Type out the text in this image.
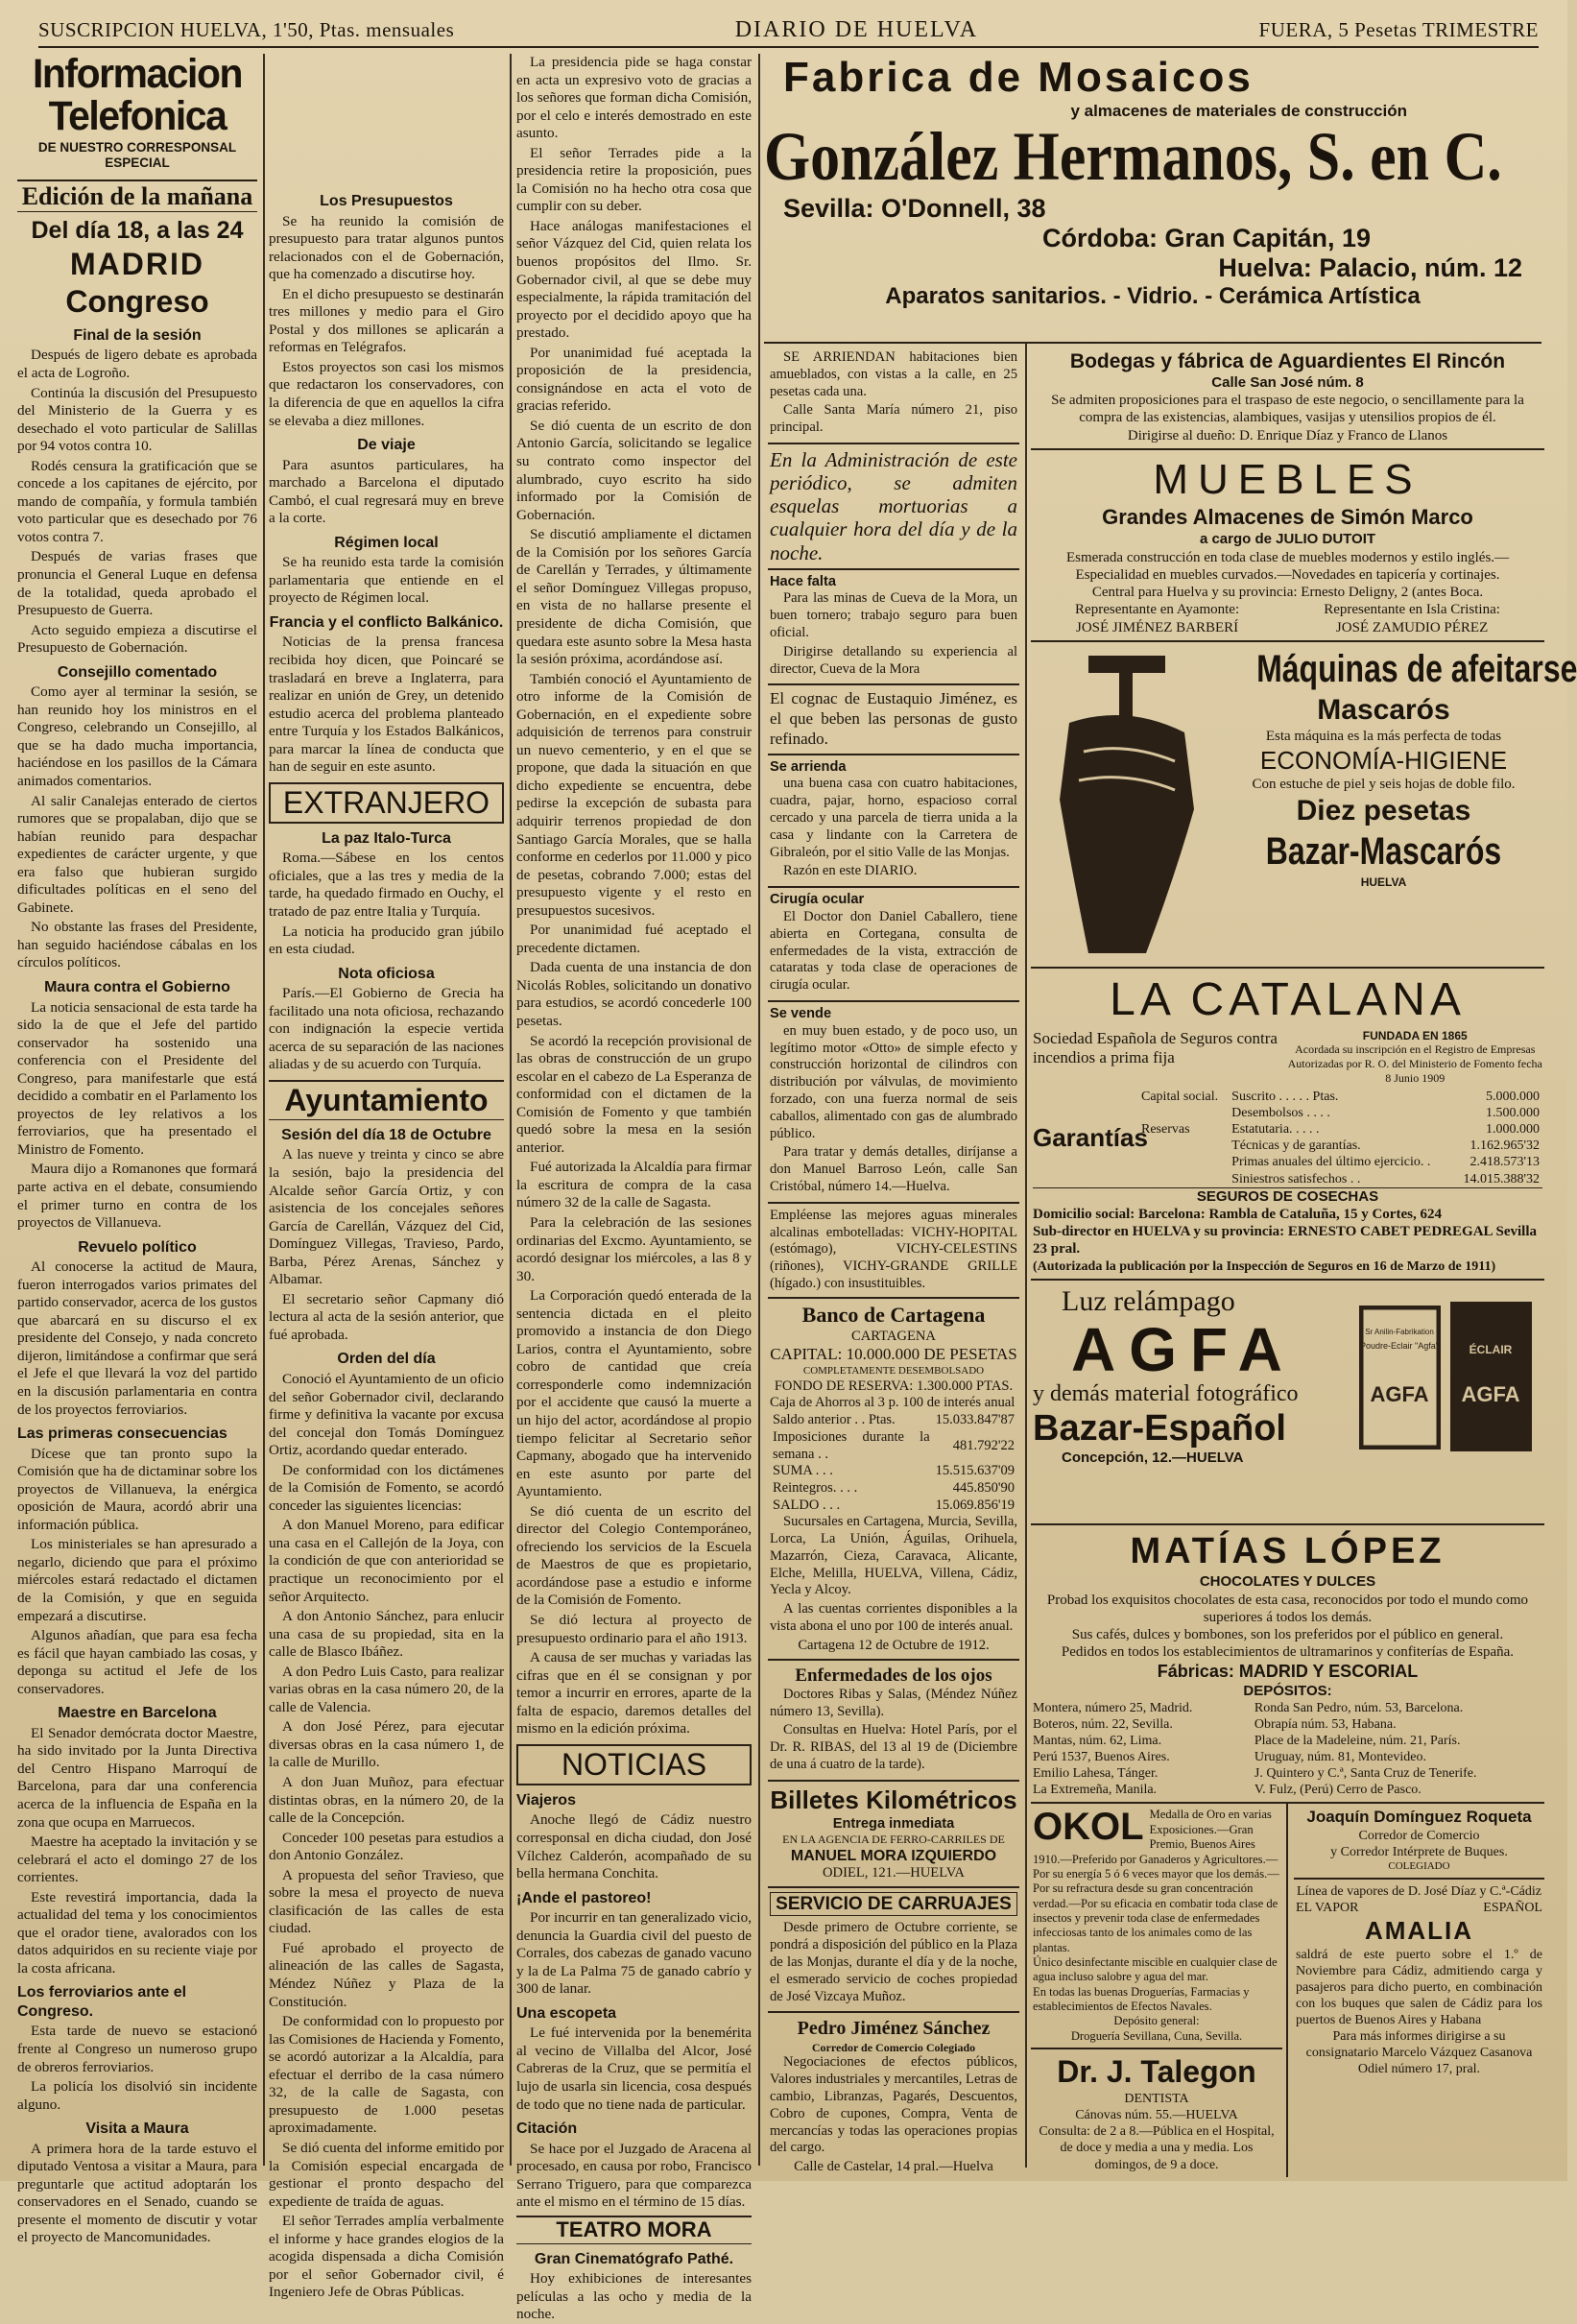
SUSCRIPCION HUELVA, 1'50, Ptas. mensuales	DIARIO DE HUELVA	FUERA, 5 Pesetas TRIMESTRE
Informacion Telefonica
DE NUESTRO CORRESPONSAL ESPECIAL
Edición de la mañana
Del día 18, a las 24
MADRID
Congreso
Final de la sesión

Después de ligero debate es aprobada el acta de Logroño.

Continúa la discusión del Presupuesto del Ministerio de la Guerra y es desechado el voto particular de Salillas por 94 votos contra 10.

Rodés censura la gratificación que se concede a los capitanes de ejército, por mando de compañía, y formula también voto particular que es desechado por 76 votos contra 7.

Después de varias frases que pronuncia el General Luque en defensa de la totalidad, queda aprobado el Presupuesto de Guerra.

Acto seguido empieza a discutirse el Presupuesto de Gobernación.

Consejillo comentado

Como ayer al terminar la sesión, se han reunido hoy los ministros en el Congreso, celebrando un Consejillo, al que se ha dado mucha importancia, haciéndose en los pasillos de la Cámara animados comentarios.

Al salir Canalejas enterado de ciertos rumores que se propalaban, dijo que se habían reunido para despachar expedientes de carácter urgente, y que era falso que hubieran surgido dificultades políticas en el seno del Gabinete.

No obstante las frases del Presidente, han seguido haciéndose cábalas en los círculos políticos.

Maura contra el Gobierno

La noticia sensacional de esta tarde ha sido la de que el Jefe del partido conservador ha sostenido una conferencia con el Presidente del Congreso, para manifestarle que está decidido a combatir en el Parlamento los proyectos de ley relativos a los ferroviarios, que ha presentado el Ministro de Fomento.

Maura dijo a Romanones que formará parte activa en el debate, consumiendo el primer turno en contra de los proyectos de Villanueva.

Revuelo político

Al conocerse la actitud de Maura, fueron interrogados varios primates del partido conservador, acerca de los gustos que abarcará en su discurso el ex presidente del Consejo, y nada concreto dijeron, limitándose a confirmar que será el Jefe el que llevará la voz del partido en la discusión parlamentaria en contra de los proyectos ferroviarios.

Las primeras consecuencias

Dícese que tan pronto supo la Comisión que ha de dictaminar sobre los proyectos de Villanueva, la enérgica oposición de Maura, acordó abrir una información pública.

Los ministeriales se han apresurado a negarlo, diciendo que para el próximo miércoles estará redactado el dictamen de la Comisión, y que en seguida empezará a discutirse.

Algunos añadían, que para esa fecha es fácil que hayan cambiado las cosas, y deponga su actitud el Jefe de los conservadores.

Maestre en Barcelona

El Senador demócrata doctor Maestre, ha sido invitado por la Junta Directiva del Centro Hispano Marroquí de Barcelona, para dar una conferencia acerca de la influencia de España en la zona que ocupa en Marruecos.

Maestre ha aceptado la invitación y se celebrará el acto el domingo 27 de los corrientes.

Este revestirá importancia, dada la actualidad del tema y los conocimientos que el orador tiene, avalorados con los datos adquiridos en su reciente viaje por la costa africana.

Los ferroviarios ante el Congreso.

Esta tarde de nuevo se estacionó frente al Congreso un numeroso grupo de obreros ferroviarios.

La policía los disolvió sin incidente alguno.

Visita a Maura

A primera hora de la tarde estuvo el diputado Ventosa a visitar a Maura, para preguntarle que actitud adoptarán los conservadores en el Senado, cuando se presente el momento de discutir y votar el proyecto de Mancomunidades.

Los Presupuestos

Se ha reunido la comisión de presupuesto para tratar algunos puntos relacionados con el de Gobernación, que ha comenzado a discutirse hoy.

En el dicho presupuesto se destinarán tres millones y medio para el Giro Postal y dos millones se aplicarán a reformas en Telégrafos.

Estos proyectos son casi los mismos que redactaron los conservadores, con la diferencia de que en aquellos la cifra se elevaba a diez millones.

De viaje

Para asuntos particulares, ha marchado a Barcelona el diputado Cambó, el cual regresará muy en breve a la corte.

Régimen local

Se ha reunido esta tarde la comisión parlamentaria que entiende en el proyecto de Régimen local.

Francia y el conflicto Balkánico.

Noticias de la prensa francesa recibida hoy dicen, que Poincaré se trasladará en breve a Inglaterra, para realizar en unión de Grey, un detenido estudio acerca del problema planteado entre Turquía y los Estados Balkánicos, para marcar la línea de conducta que han de seguir en este asunto.

EXTRANJERO
La paz Italo-Turca

Roma.—Sábese en los centos oficiales, que a las tres y media de la tarde, ha quedado firmado en Ouchy, el tratado de paz entre Italia y Turquía.

La noticia ha producido gran júbilo en esta ciudad.

Nota oficiosa

París.—El Gobierno de Grecia ha facilitado una nota oficiosa, rechazando con indignación la especie vertida acerca de su separación de las naciones aliadas y de su acuerdo con Turquía.

Ayuntamiento
Sesión del día 18 de Octubre

A las nueve y treinta y cinco se abre la sesión, bajo la presidencia del Alcalde señor García Ortiz, y con asistencia de los concejales señores García de Carellán, Vázquez del Cid, Domínguez Villegas, Travieso, Pardo, Barba, Pérez Arenas, Sánchez y Albamar.

El secretario señor Capmany dió lectura al acta de la sesión anterior, que fué aprobada.

Orden del día

Conoció el Ayuntamiento de un oficio del señor Gobernador civil, declarando firme y definitiva la vacante por excusa del concejal don Tomás Domínguez Ortiz, acordando quedar enterado.

De conformidad con los dictámenes de la Comisión de Fomento, se acordó conceder las siguientes licencias:

A don Manuel Moreno, para edificar una casa en el Callejón de la Joya, con la condición de que con anterioridad se practique un reconocimiento por el señor Arquitecto.

A don Antonio Sánchez, para enlucir una casa de su propiedad, sita en la calle de Blasco Ibáñez.

A don Pedro Luis Casto, para realizar varias obras en la casa número 20, de la calle de Valencia.

A don José Pérez, para ejecutar diversas obras en la casa número 1, de la calle de Murillo.

A don Juan Muñoz, para efectuar distintas obras, en la número 20, de la calle de la Concepción.

Conceder 100 pesetas para estudios a don Antonio González.

A propuesta del señor Travieso, que sobre la mesa el proyecto de nueva clasificación de las calles de esta ciudad.

Fué aprobado el proyecto de alineación de las calles de Sagasta, Méndez Núñez y Plaza de la Constitución.

De conformidad con lo propuesto por las Comisiones de Hacienda y Fomento, se acordó autorizar a la Alcaldía, para efectuar el derribo de la casa número 32, de la calle de Sagasta, con presupuesto de 1.000 pesetas aproximadamente.

Se dió cuenta del informe emitido por la Comisión especial encargada de gestionar el pronto despacho del expediente de traída de aguas.

El señor Terrades amplía verbalmente el informe y hace grandes elogios de la acogida dispensada a dicha Comisión por el señor Gobernador civil, é Ingeniero Jefe de Obras Públicas.

La presidencia pide se haga constar en acta un expresivo voto de gracias a los señores que forman dicha Comisión, por el celo e interés demostrado en este asunto.

El señor Terrades pide a la presidencia retire la proposición, pues la Comisión no ha hecho otra cosa que cumplir con su deber.

Hace análogas manifestaciones el señor Vázquez del Cid, quien relata los buenos propósitos del Ilmo. Sr. Gobernador civil, al que se debe muy especialmente, la rápida tramitación del proyecto por el decidido apoyo que ha prestado.

Por unanimidad fué aceptada la proposición de la presidencia, consignándose en acta el voto de gracias referido.

Se dió cuenta de un escrito de don Antonio García, solicitando se legalice su contrato como inspector del alumbrado, cuyo escrito ha sido informado por la Comisión de Gobernación.

Se discutió ampliamente el dictamen de la Comisión por los señores García de Carellán y Terrades, y últimamente el señor Domínguez Villegas propuso, en vista de no hallarse presente el presidente de dicha Comisión, que quedara este asunto sobre la Mesa hasta la sesión próxima, acordándose así.

También conoció el Ayuntamiento de otro informe de la Comisión de Gobernación, en el expediente sobre adquisición de terrenos para construir un nuevo cementerio, y en el que se propone, que dada la situación en que dicho expediente se encuentra, debe pedirse la excepción de subasta para adquirir terrenos propiedad de don Santiago García Morales, que se halla conforme en cederlos por 11.000 y pico de pesetas, cobrando 7.000; estas del presupuesto vigente y el resto en presupuestos sucesivos.

Por unanimidad fué aceptado el precedente dictamen.

Dada cuenta de una instancia de don Nicolás Robles, solicitando un donativo para estudios, se acordó concederle 100 pesetas.

Se acordó la recepción provisional de las obras de construcción de un grupo escolar en el cabezo de La Esperanza de conformidad con el dictamen de la Comisión de Fomento y que también quedó sobre la mesa en la sesión anterior.

Fué autorizada la Alcaldía para firmar la escritura de compra de la casa número 32 de la calle de Sagasta.

Para la celebración de las sesiones ordinarias del Excmo. Ayuntamiento, se acordó designar los miércoles, a las 8 y 30.

La Corporación quedó enterada de la sentencia dictada en el pleito promovido a instancia de don Diego Larios, contra el Ayuntamiento, sobre cobro de cantidad que creía corresponderle como indemnización por el accidente que causó la muerte a un hijo del actor, acordándose al propio tiempo felicitar al Secretario señor Capmany, abogado que ha intervenido en este asunto por parte del Ayuntamiento.

Se dió cuenta de un escrito del director del Colegio Contemporáneo, ofreciendo los servicios de la Escuela de Maestros de que es propietario, acordándose pase a estudio e informe de la Comisión de Fomento.

Se dió lectura al proyecto de presupuesto ordinario para el año 1913.

A causa de ser muchas y variadas las cifras que en él se consignan y por temor a incurrir en errores, aparte de la falta de espacio, daremos detalles del mismo en la edición próxima.

NOTICIAS
Viajeros

Anoche llegó de Cádiz nuestro corresponsal en dicha ciudad, don José Vílchez Calderón, acompañado de su bella hermana Conchita.

¡Ande el pastoreo!

Por incurrir en tan generalizado vicio, denuncia la Guardia civil del puesto de Corrales, dos cabezas de ganado vacuno y la de La Palma 75 de ganado cabrío y 300 de lanar.

Una escopeta

Le fué intervenida por la benemérita al vecino de Villalba del Alcor, José Cabreras de la Cruz, que se permitía el lujo de usarla sin licencia, cosa después de todo que no tiene nada de particular.

Citación

Se hace por el Juzgado de Aracena al procesado, en causa por robo, Francisco Serrano Triguero, para que comparezca ante el mismo en el término de 15 días.

TEATRO MORA
Gran Cinematógrafo Pathé.

Hoy exhibiciones de interesantes películas a las ocho y media de la noche.

Fabrica de Mosaicos
y almacenes de materiales de construcción
González Hermanos, S. en C.
Sevilla: O'Donnell, 38
Córdoba: Gran Capitán, 19
Huelva: Palacio, núm. 12
Aparatos sanitarios. - Vidrio. - Cerámica Artística

SE ARRIENDAN habitaciones bien amueblados, con vistas a la calle, en 25 pesetas cada una.

Calle Santa María número 21, piso principal.

En la Administración de este periódico, se admiten esquelas mortuorias a cualquier hora del día y de la noche.
Hace falta

Para las minas de Cueva de la Mora, un buen tornero; trabajo seguro para buen oficial.

Dirigirse detallando su experiencia al director, Cueva de la Mora

El cognac de Eustaquio Jiménez, es el que beben las personas de gusto refinado.
Se arrienda

una buena casa con cuatro habitaciones, cuadra, pajar, horno, espacioso corral cercado y una parcela de tierra unida a la casa y lindante con la Carretera de Gibraleón, por el sitio Valle de las Monjas.

Razón en este DIARIO.

Cirugía ocular

El Doctor don Daniel Caballero, tiene abierta en Cortegana, consulta de enfermedades de la vista, extracción de cataratas y toda clase de operaciones de cirugía ocular.

Se vende

en muy buen estado, y de poco uso, un legítimo motor «Otto» de simple efecto y construcción horizontal de cilindros con distribución por válvulas, de movimiento forzado, con una fuerza normal de seis caballos, alimentado con gas de alumbrado público.

Para tratar y demás detalles, diríjanse a don Manuel Barroso León, calle San Cristóbal, número 14.—Huelva.

Empléense las mejores aguas minerales alcalinas embotelladas: VICHY-HOPITAL (estómago), VICHY-CELESTINS (riñones), VICHY-GRANDE GRILLE (hígado.) con insustituibles.
Banco de Cartagena
CARTAGENA
CAPITAL: 10.000.000 DE PESETAS
COMPLETAMENTE DESEMBOLSADO
FONDO DE RESERVA: 1.300.000 PTAS.
Caja de Ahorros al 3 p. 100 de interés anual
Saldo anterior . . Ptas.	15.033.847'87
Imposiciones durante la semana . .	481.792'22
SUMA . . .	15.515.637'09
Reintegros. . . .	445.850'90
SALDO . . .	15.069.856'19

Sucursales en Cartagena, Murcia, Sevilla, Lorca, La Unión, Águilas, Orihuela, Mazarrón, Cieza, Caravaca, Alicante, Elche, Melilla, HUELVA, Villena, Cádiz, Yecla y Alcoy.

A las cuentas corrientes disponibles a la vista abona el uno por 100 de interés anual.

Cartagena 12 de Octubre de 1912.
Enfermedades de los ojos

Doctores Ribas y Salas, (Méndez Núñez número 13, Sevilla).

Consultas en Huelva: Hotel París, por el Dr. R. RIBAS, del 13 al 19 de (Diciembre de una á cuatro de la tarde).

Billetes Kilométricos
Entrega inmediata
EN LA AGENCIA DE FERRO-CARRILES DE
MANUEL MORA IZQUIERDO
ODIEL, 121.—HUELVA
SERVICIO DE CARRUAJES

Desde primero de Octubre corriente, se pondrá a disposición del público en la Plaza de las Monjas, durante el día y de la noche, el esmerado servicio de coches propiedad de José Vizcaya Muñoz.

Pedro Jiménez Sánchez
Corredor de Comercio Colegiado

Negociaciones de efectos públicos, Valores industriales y mercantiles, Letras de cambio, Libranzas, Pagarés, Descuentos, Cobro de cupones, Compra, Venta de mercancías y todas las operaciones propias del cargo.

Calle de Castelar, 14 pral.—Huelva
Bodegas y fábrica de Aguardientes El Rincón
Calle San José núm. 8
Se admiten proposiciones para el traspaso de este negocio, o sencillamente para la compra de las existencias, alambiques, vasijas y utensilios propios de él.
Dirigirse al dueño: D. Enrique Díaz y Franco de Llanos
MUEBLES
Grandes Almacenes de Simón Marco
a cargo de JULIO DUTOIT
Esmerada construcción en toda clase de muebles modernos y estilo inglés.—Especialidad en muebles curvados.—Novedades en tapicería y cortinajes.
Central para Huelva y su provincia: Ernesto Deligny, 2 (antes Boca.
Representante en Ayamonte:
JOSÉ JIMÉNEZ BARBERÍ
Representante en Isla Cristina:
JOSÉ ZAMUDIO PÉREZ
Máquinas de afeitarse
Mascarós
Esta máquina es la más perfecta de todas
ECONOMÍA-HIGIENE
Con estuche de piel y seis hojas de doble filo.
Diez pesetas
Bazar-Mascarós
HUELVA
LA CATALANA
Sociedad Española de Seguros contra incendios a prima fija
FUNDADA EN 1865
Acordada su inscripción en el Registro de Empresas Autorizadas por R. O. del Ministerio de Fomento fecha 8 Junio 1909
Garantías
Capital social.	Suscrito . . . . . Ptas.	5.000.000
	Desembolsos . . . .	1.500.000
Reservas	Estatutaria. . . . .	1.000.000
	Técnicas y de garantías.	1.162.965'32
	Primas anuales del último ejercicio. .	2.418.573'13
	Siniestros satisfechos . .	14.015.388'32
SEGUROS DE COSECHAS
Domicilio social: Barcelona: Rambla de Cataluña, 15 y Cortes, 624
Sub-director en HUELVA y su provincia: ERNESTO CABET PEDREGAL Sevilla 23 pral.
(Autorizada la publicación por la Inspección de Seguros en 16 de Marzo de 1911)
Luz relámpago
AGFA
y demás material fotográfico
Bazar-Español
Concepción, 12.—HUELVA
Sr Anilin-Fabrikation
Poudre-Eclair "Agfa"
AGFA
ÉCLAIR
AGFA
MATÍAS LÓPEZ
CHOCOLATES Y DULCES
Probad los exquisitos chocolates de esta casa, reconocidos por todo el mundo como superiores á todos los demás.
Sus cafés, dulces y bombones, son los preferidos por el público en general.
Pedidos en todos los establecimientos de ultramarinos y confiterías de España.
Fábricas: MADRID Y ESCORIAL
DEPÓSITOS:
Montera, número 25, Madrid.
Boteros, núm. 22, Sevilla.
Mantas, núm. 62, Lima.
Perú 1537, Buenos Aires.
Emilio Lahesa, Tánger.
La Extremeña, Manila.
Ronda San Pedro, núm. 53, Barcelona.
Obrapía núm. 53, Habana.
Place de la Madeleine, núm. 21, París.
Uruguay, núm. 81, Montevideo.
J. Quintero y C.ª, Santa Cruz de Tenerife.
V. Fulz, (Perú) Cerro de Pasco.
OKOL Medalla de Oro en varias Exposiciones.—Gran Premio, Buenos Aires 1910.—Preferido por Ganaderos y Agricultores.—Por su energía 5 ó 6 veces mayor que los demás.—Por su refractura desde su gran concentración verdad.—Por su eficacia en combatir toda clase de insectos y prevenir toda clase de enfermedades infecciosas tanto de los animales como de las plantas.
Único desinfectante miscible en cualquier clase de agua incluso salobre y agua del mar.
En todas las buenas Droguerías, Farmacias y establecimientos de Efectos Navales.
Depósito general:
Droguería Sevillana, Cuna, Sevilla.
Dr. J. Talegon
DENTISTA
Cánovas núm. 55.—HUELVA
Consulta: de 2 a 8.—Pública en el Hospital, de doce y media a una y media. Los domingos, de 9 a doce.
Joaquín Domínguez Roqueta
Corredor de Comercio
y Corredor Intérprete de Buques.
COLEGIADO
Línea de vapores de D. José Díaz y C.ª-Cádiz
EL VAPOR	ESPAÑOL
AMALIA
saldrá de este puerto sobre el 1.º de Noviembre para Cádiz, admitiendo carga y pasajeros para dicho puerto, en combinación con los buques que salen de Cádiz para los puertos de Buenos Aires y Habana
Para más informes dirigirse a su consignatario Marcelo Vázquez Casanova
Odiel número 17, pral.
